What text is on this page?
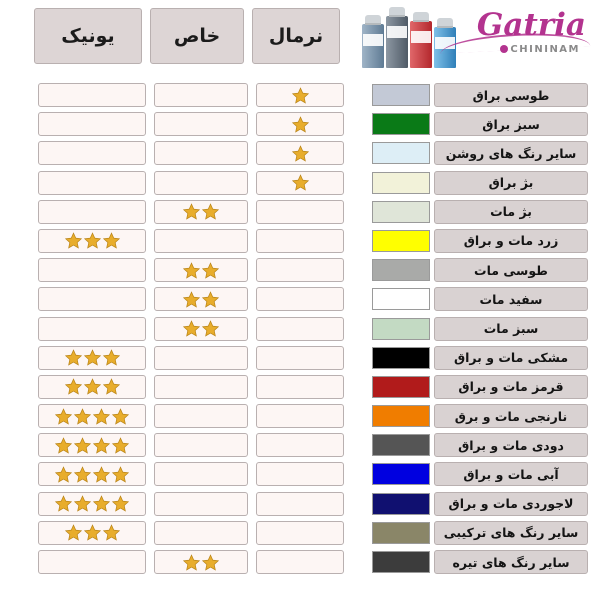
Gatria
CHININAM
نرمال
خاص
یونیک
طوسی براق
سبز براق
سایر رنگ های روشن
بژ براق
بژ مات
زرد مات و براق
طوسی مات
سفید مات
سبز مات
مشکی مات و براق
قرمز مات و براق
نارنجی مات و برق
دودی مات و براق
آبی مات و براق
لاجوردی مات و براق
سایر رنگ های ترکیبی
سایر رنگ های تیره
